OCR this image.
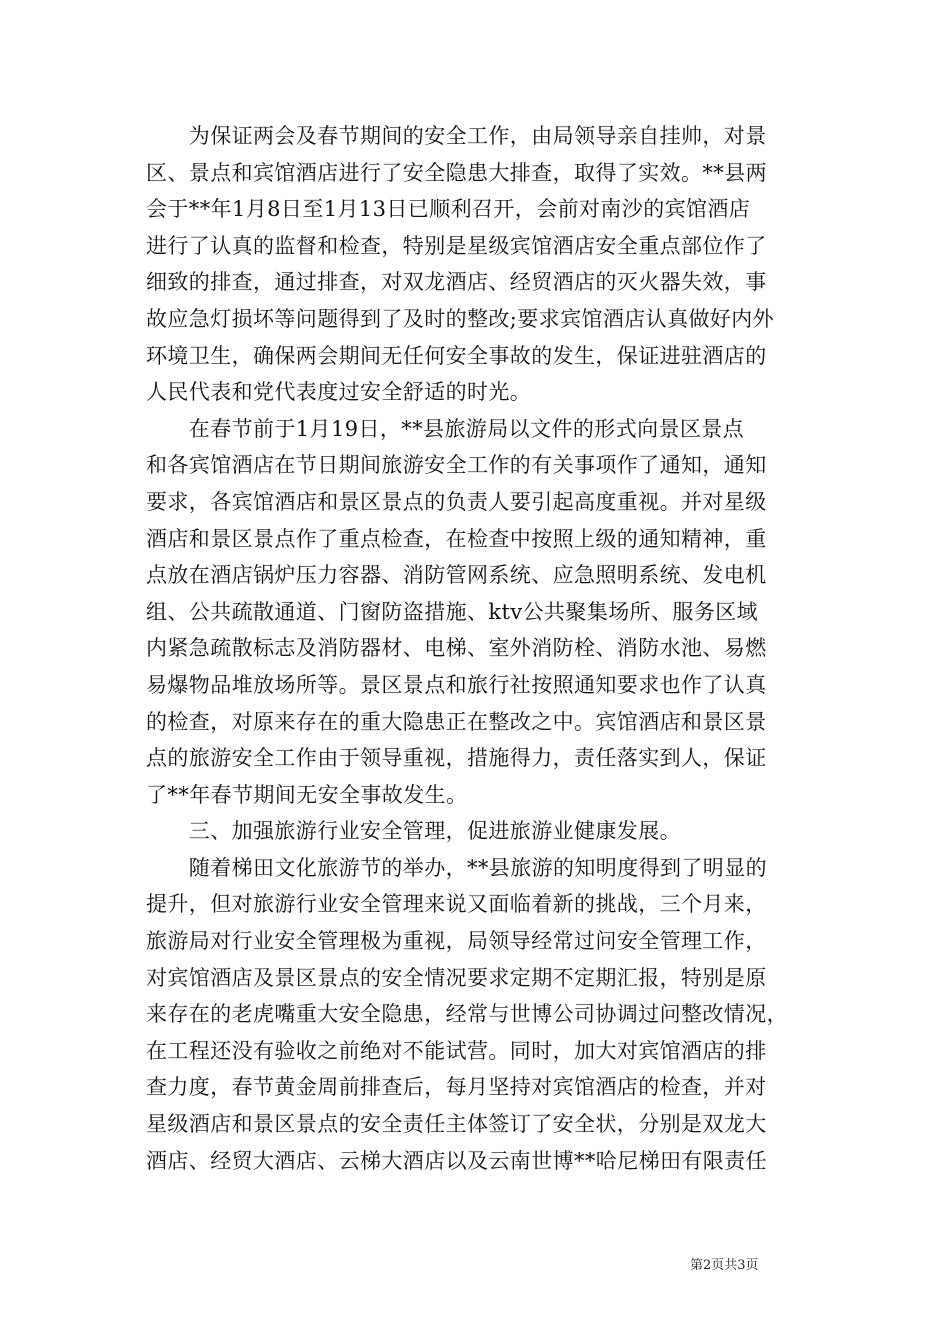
　　为保证两会及春节期间的安全工作，由局领导亲自挂帅，对景
区、景点和宾馆酒店进行了安全隐患大排查，取得了实效。**县两
会于**年1月8日至1月13日已顺利召开，会前对南沙的宾馆酒店
进行了认真的监督和检查，特别是星级宾馆酒店安全重点部位作了
细致的排查，通过排查，对双龙酒店、经贸酒店的灭火器失效，事
故应急灯损坏等问题得到了及时的整改;要求宾馆酒店认真做好内外
环境卫生，确保两会期间无任何安全事故的发生，保证进驻酒店的
人民代表和党代表度过安全舒适的时光。
　　在春节前于1月19日，**县旅游局以文件的形式向景区景点
和各宾馆酒店在节日期间旅游安全工作的有关事项作了通知，通知
要求，各宾馆酒店和景区景点的负责人要引起高度重视。并对星级
酒店和景区景点作了重点检查，在检查中按照上级的通知精神，重
点放在酒店锅炉压力容器、消防管网系统、应急照明系统、发电机
组、公共疏散通道、门窗防盗措施、ktv公共聚集场所、服务区域
内紧急疏散标志及消防器材、电梯、室外消防栓、消防水池、易燃
易爆物品堆放场所等。景区景点和旅行社按照通知要求也作了认真
的检查，对原来存在的重大隐患正在整改之中。宾馆酒店和景区景
点的旅游安全工作由于领导重视，措施得力，责任落实到人，保证
了**年春节期间无安全事故发生。
　　三、加强旅游行业安全管理，促进旅游业健康发展。
　　随着梯田文化旅游节的举办，**县旅游的知明度得到了明显的
提升，但对旅游行业安全管理来说又面临着新的挑战，三个月来，
旅游局对行业安全管理极为重视，局领导经常过问安全管理工作，
对宾馆酒店及景区景点的安全情况要求定期不定期汇报，特别是原
来存在的老虎嘴重大安全隐患，经常与世博公司协调过问整改情况，
在工程还没有验收之前绝对不能试营。同时，加大对宾馆酒店的排
查力度，春节黄金周前排查后，每月坚持对宾馆酒店的检查，并对
星级酒店和景区景点的安全责任主体签订了安全状，分别是双龙大
酒店、经贸大酒店、云梯大酒店以及云南世博**哈尼梯田有限责任
第2页共3页
